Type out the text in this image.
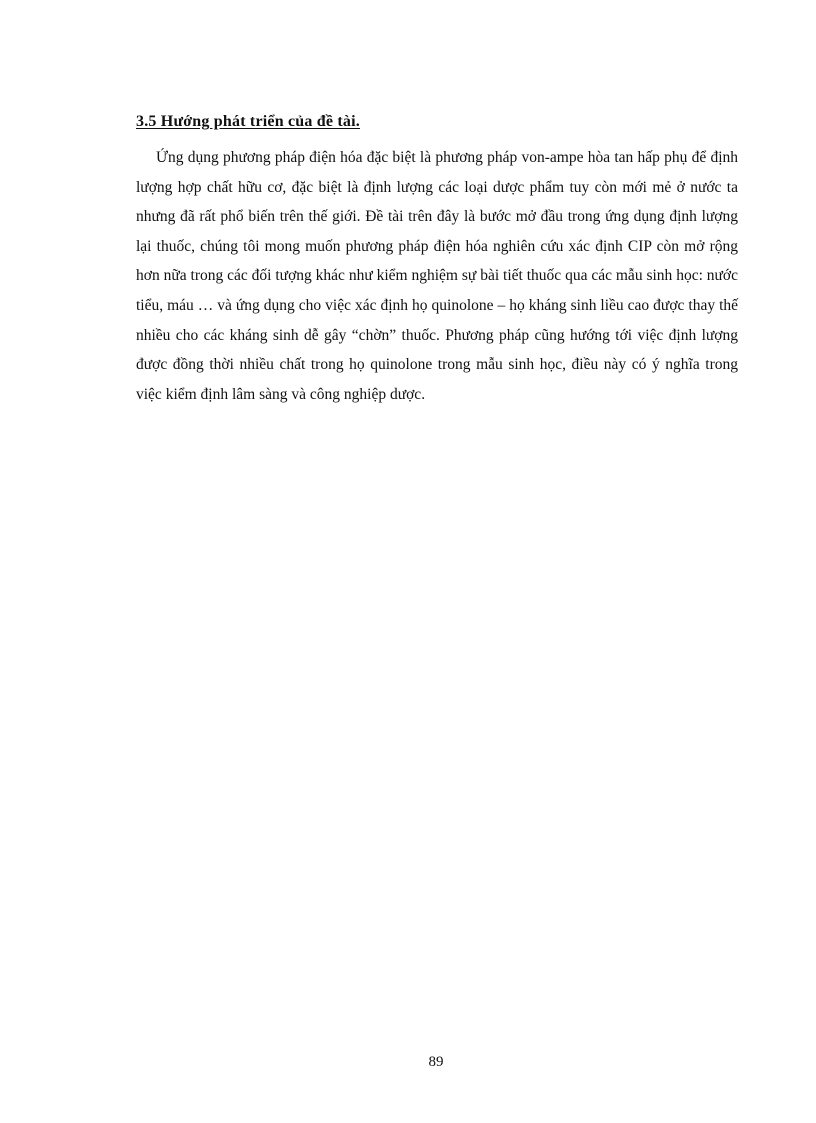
3.5 Hướng phát triển của đề tài.

Ứng dụng phương pháp điện hóa đặc biệt là phương pháp von-ampe hòa tan hấp phụ để định lượng hợp chất hữu cơ, đặc biệt là định lượng các loại dược phẩm tuy còn mới mẻ ở nước ta nhưng đã rất phổ biến trên thế giới. Đề tài trên đây là bước mở đầu trong ứng dụng định lượng lại thuốc, chúng tôi mong muốn phương pháp điện hóa nghiên cứu xác định CIP còn mở rộng hơn nữa trong các đối tượng khác như kiểm nghiệm sự bài tiết thuốc qua các mẫu sinh học: nước tiểu, máu … và ứng dụng cho việc xác định họ quinolone – họ kháng sinh liều cao được thay thế nhiều cho các kháng sinh dễ gây “chờn” thuốc. Phương pháp cũng hướng tới việc định lượng được đồng thời nhiều chất trong họ quinolone trong mẫu sinh học, điều này có ý nghĩa trong việc kiểm định lâm sàng và công nghiệp dược.

89
